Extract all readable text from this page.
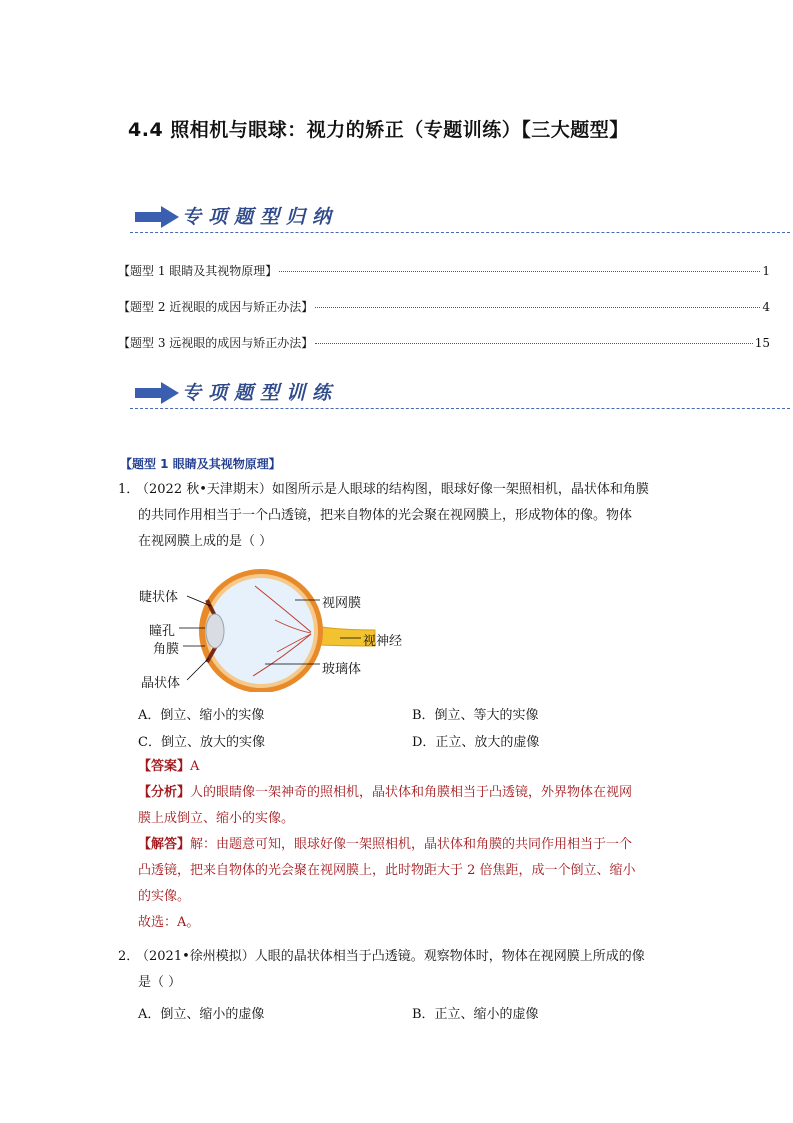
4.4 照相机与眼球：视力的矫正（专题训练）【三大题型】
专项题型归纳
【题型 1 眼睛及其视物原理】	1
【题型 2 近视眼的成因与矫正办法】	4
【题型 3 远视眼的成因与矫正办法】	15
专项题型训练
【题型 1 眼睛及其视物原理】
1．（2022 秋•天津期末）如图所示是人眼球的结构图，眼球好像一架照相机，晶状体和角膜
的共同作用相当于一个凸透镜，把来自物体的光会聚在视网膜上，形成物体的像。物体
在视网膜上成的是（ ）
睫状体	视网膜
瞳孔
角膜
视神经
玻璃体
晶状体
A．倒立、缩小的实像	B．倒立、等大的实像
C．倒立、放大的实像	D．正立、放大的虚像
【答案】A
【分析】人的眼睛像一架神奇的照相机，晶状体和角膜相当于凸透镜，外界物体在视网
膜上成倒立、缩小的实像。
【解答】解：由题意可知，眼球好像一架照相机，晶状体和角膜的共同作用相当于一个
凸透镜，把来自物体的光会聚在视网膜上，此时物距大于 2 倍焦距，成一个倒立、缩小
的实像。
故选：A。
2．（2021•徐州模拟）人眼的晶状体相当于凸透镜。观察物体时，物体在视网膜上所成的像
是（ ）
A．倒立、缩小的虚像	B．正立、缩小的虚像
